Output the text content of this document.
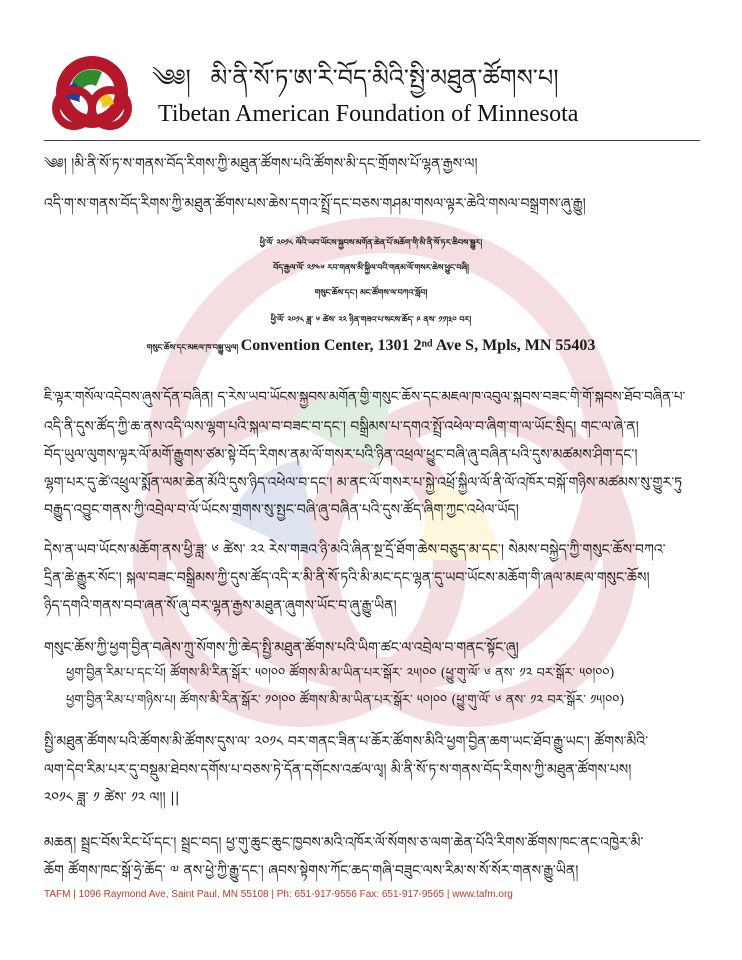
༄༅། མི་ནི་སོ་ཏ་ཨ་རི་བོད་མིའི་སྤྱི་མཐུན་ཚོགས་པ།
Tibetan American Foundation of Minnesota
༄༅། །མི་ནི་སོ་ཏ་ས་གནས་བོད་རིགས་ཀྱི་མཐུན་ཚོགས་པའི་ཚོགས་མི་དང་གྲོགས་པོ་ལྷན་རྒྱས་ལ།
འདི་ག་ས་གནས་བོད་རིགས་ཀྱི་མཐུན་ཚོགས་པས་ཆེས་དགའ་སྤྲོ་དང་བཅས་གཤམ་གསལ་ལྟར་ཆེའི་གསལ་བསྒྲགས་ཞུ་རྒྱུ།
ཕྱི་ལོ་ ༢༠༡༨ ལོའི་ཡབ་ཡོངས་སྐྱབས་མགོན་ཆེན་པོ་མཆོག་གི་མི་ནི་སོ་ཏར་ཆིབས་སྒྱུར།
བོད་རྒྱལ་ལོ་ ༢༡༤༦ རབ་གནས་མི་སྐྱིལ་བའི་གནམ་ལོ་གསར་ཆེས་ཕྱུང་བཞི།
གསུང་ཆོས་དང་། མང་ཚོགས་ལ་བཀའ་སློབ།
ཕྱི་ལོ་ ༢༠༡༨ ཟླ་ ༦ ཚེས་ ༢༢ ཉིན་གཟའ་པ་སངས་ཆོད་ ༩ ནས་ ༡༡།༣༠ བར།
གསུང་ཆོས་དང་མཇལ་ཁ་བསྐྱུ་ཡུལ། Convention Center, 1301 2nd Ave S, Mpls, MN 55403
ཇི་ལྟར་གསོལ་འདེབས་ཞུས་དོན་བཞིན། ད་རེས་ཡབ་ཡོངས་སྐྱབས་མགོན་གྱི་གསུང་ཆོས་དང་མཇལ་ཁ་འབུལ་སྐབས་བཟང་གི་གོ་སྐབས་ཐོབ་བཞིན་པ་
འདི་ནི་དུས་ཚོད་ཀྱི་ཆ་ནས་འདི་ལས་ལྷག་པའི་སྐལ་བ་བཟང་བ་དང་། བསྒྲིམས་པ་དགའ་སྤྲོ་འཕེལ་བ་ཞིག་ག་ལ་ཡོང་སྲིད། གང་ལ་ཞེ་ན།
བོད་ཡུལ་ལུགས་ལྟར་ལོ་མགོ་རྒྱུགས་ཙམ་སྟེ་བོད་རིགས་ནམ་ལོ་གསར་པའི་ཉིན་འཕྲལ་ཕྱུང་བཞི་ཞུ་བཞིན་པའི་དུས་མཚམས་ཤིག་དང་།
ལྷག་པར་དུ་ཚེ་འཕྲུལ་སྨོན་ལམ་ཆེན་མོའི་དུས་ཉིད་འཕེལ་བ་དང་། མ་ནང་ལོ་གསར་པ་སྐྱེ་འཕྲོ་སྐྱིལ་ལོ་ནི་ལོ་འཁོར་བསྐོ་གཉིས་མཚམས་སུ་གྱུར་ཏུ
བརྒྱུད་འབྱུང་གནས་ཀྱི་འབྲེལ་བ་ལོ་ཡོངས་གྲགས་སུ་སྤྱང་བཞི་ཞུ་བཞིན་པའི་དུས་ཚོད་ཞིག་ཀྱང་འཕེལ་ཡོད།
དེས་ན་ཡབ་ཡོངས་མཆོག་ནས་ཕྱི་ཟླ་ ༦ ཚེས་ ༢༢ རེས་གཟའ་ཉི་མའི་ཞིན་སྔ་དྲོ་ཐོག་ཆེས་བཅུད་མ་དང་། སེམས་བསྐྱེད་ཀྱི་གསུང་ཆོས་བཀའ་
དྲིན་ཆེ་རྒྱུར་སོང་། སྐལ་བཟང་བསྒྲིམས་ཀྱི་དུས་ཚོད་འདི་ར་མི་ནི་སོ་ཏའི་མི་མང་དང་ལྷན་དུ་ཡབ་ཡོངས་མཆོག་གི་ཞལ་མཇལ་གསུང་ཆོས།
ཉིད་དགའི་གནས་བབ་ཞན་སོ་ཞུ་བར་ལྷན་རྒྱས་མཐུན་ཞུགས་ཡོང་བ་ཞུ་རྒྱུ་ཡིན།
གསུང་ཆོས་ཀྱི་ཕྱག་བྱིན་བཞེས་ཀྲུ་སོགས་ཀྱི་ཆེད་སྤྱི་མཐུན་ཚོགས་པའི་ཡིག་ཚང་ལ་འབྲེལ་བ་གནང་སྟོང་ཞུ།
ཕྱག་བྱིན་རིམ་པ་དང་པོ། ཚོགས་མི་རིན་སྒོར་ ༥༠།༠༠ ཚོགས་མི་མ་ཡིན་པར་སྒོར་ ༢༥།༠༠ (ཕྱུ་གུ་ལོ་ ༦ ནས་ ༡༢ བར་སྒོར་ ༥༠།༠༠)
ཕྱག་བྱིན་རིམ་པ་གཉིས་པ། ཚོགས་མི་རིན་སྒོར་ ༡༠།༠༠ ཚོགས་མི་མ་ཡིན་པར་སྒོར་ ༥༠།༠༠ (ཕྱུ་གུ་ལོ་ ༦ ནས་ ༡༢ བར་སྒོར་ ༡༥།༠༠)
སྤྱི་མཐུན་ཚོགས་པའི་ཚོགས་མི་ཚོགས་དུས་ལ་ ༢༠༡༨ བར་གནང་ཟིན་པ་ཆོར་ཚོགས་མིའི་ཕྱག་བྱིན་ཆག་ཡང་ཐོབ་རྒྱུ་ཡང་། ཚོགས་མིའི་
ལག་དེབ་རིམ་པར་དུ་བསྡུམ་ཐེབས་དགོས་པ་བཅས་ཏེ་དོན་དགོངས་འཚལ་ལྭ། མི་ནི་སོ་ཏ་ས་གནས་བོད་རིགས་ཀྱི་མཐུན་ཚོགས་པས།
༢༠༡༨ ཟླ་ ༡ ཚེས་ ༡༢ ལ།། ||
མཆན། སྦྲང་བོས་རིང་པོ་དང་། སྦྲང་བད། ཕྱ་གུ་ཆུང་ཆུང་ཁྱབས་མའི་འཁོར་ལོ་སོགས་ཅ་ལག་ཆེན་པོའི་རིགས་ཚོགས་ཁང་ནང་འཁྱེར་མི་
ཆོག ཚོགས་ཁང་སྒོ་ཧྲེ་ཆོད་ ༧ ནས་ཕྱེ་ཀྱི་རྒྱུ་དང་། ཞབས་སྟེགས་ཀོང་ཆད་གཞི་བཟུང་ལས་རིམ་ས་སོ་སོར་གནས་རྒྱུ་ཡིན།
TAFM | 1096 Raymond Ave, Saint Paul, MN 55108 | Ph: 651-917-9556 Fax: 651-917-9565 | www.tafm.org
